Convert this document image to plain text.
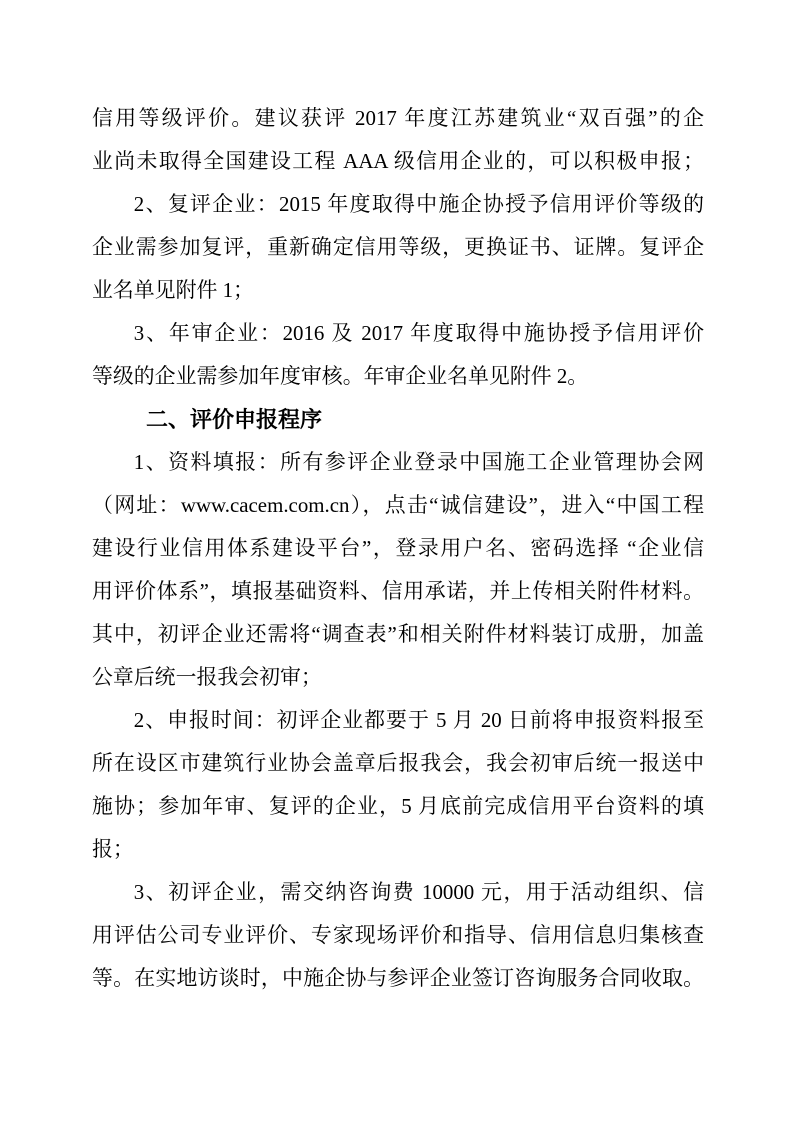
信用等级评价。建议获评 2017 年度江苏建筑业“双百强”的企
业尚未取得全国建设工程 AAA 级信用企业的，可以积极申报；
2、复评企业：2015 年度取得中施企协授予信用评价等级的
企业需参加复评，重新确定信用等级，更换证书、证牌。复评企
业名单见附件 1；
3、年审企业：2016 及 2017 年度取得中施协授予信用评价
等级的企业需参加年度审核。年审企业名单见附件 2。
二、评价申报程序
1、资料填报：所有参评企业登录中国施工企业管理协会网
（网址：www.cacem.com.cn），点击“诚信建设”，进入“中国工程
建设行业信用体系建设平台”，登录用户名、密码选择 “企业信
用评价体系”，填报基础资料、信用承诺，并上传相关附件材料。
其中，初评企业还需将“调查表”和相关附件材料装订成册，加盖
公章后统一报我会初审；
2、申报时间：初评企业都要于 5 月 20 日前将申报资料报至
所在设区市建筑行业协会盖章后报我会，我会初审后统一报送中
施协；参加年审、复评的企业，5 月底前完成信用平台资料的填
报；
3、初评企业，需交纳咨询费 10000 元，用于活动组织、信
用评估公司专业评价、专家现场评价和指导、信用信息归集核查
等。在实地访谈时，中施企协与参评企业签订咨询服务合同收取。
